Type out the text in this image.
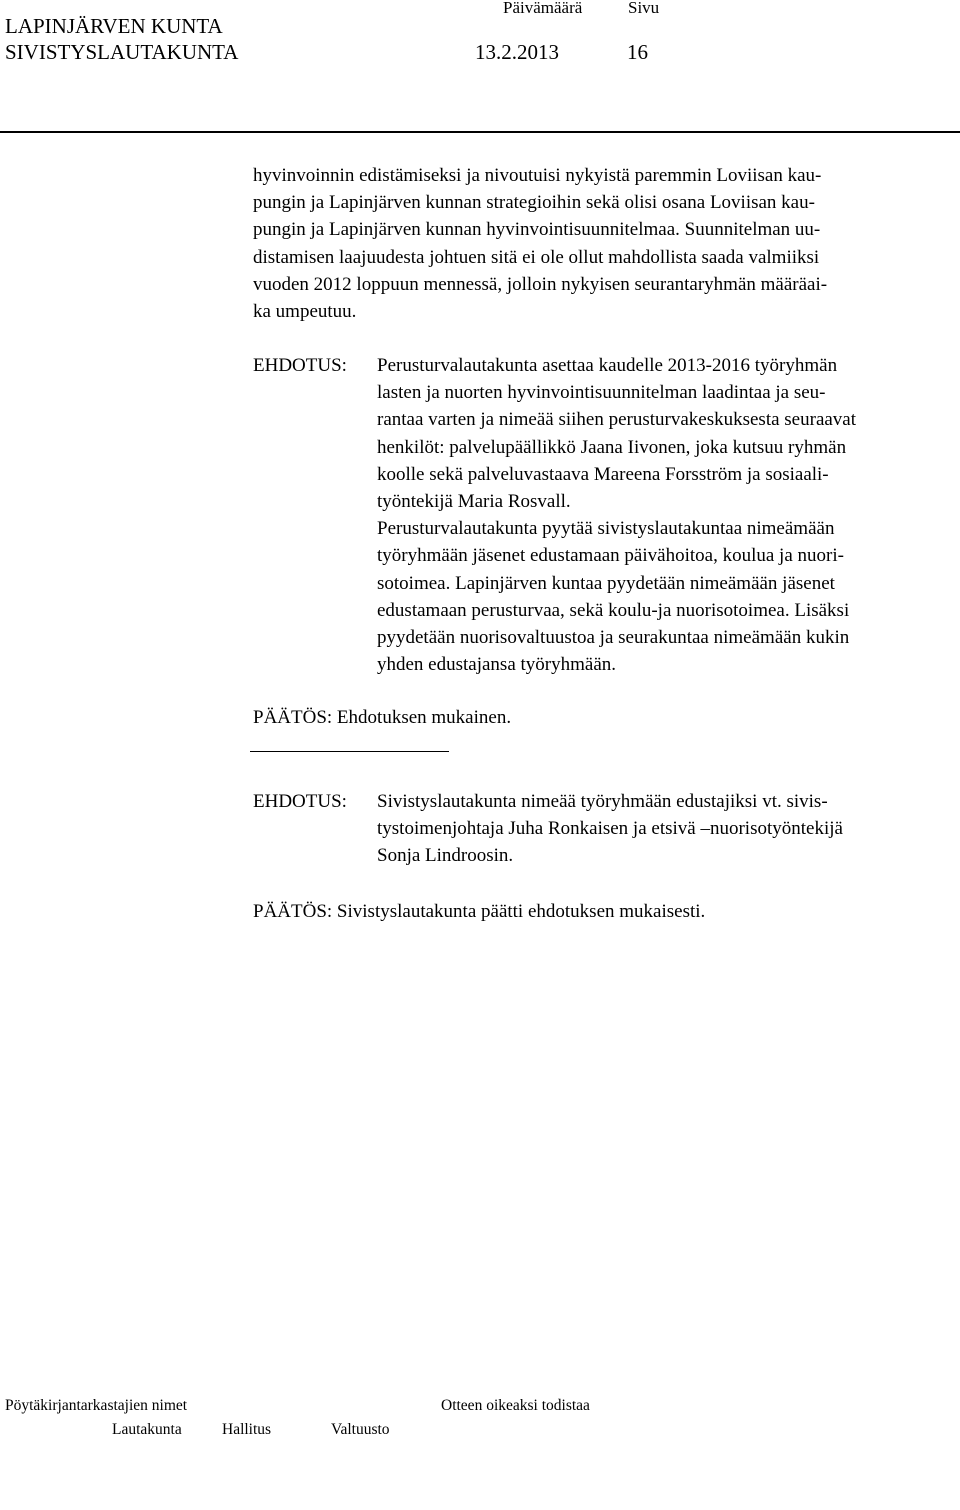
LAPINJÄRVEN KUNTA
SIVISTYSLAUTAKUNTA
Päivämäärä	Sivu
13.2.2013	16
hyvinvoinnin edistämiseksi ja nivoutuisi nykyistä paremmin Loviisan kau-
pungin ja Lapinjärven kunnan strategioihin sekä olisi osana Loviisan kau-
pungin ja Lapinjärven kunnan hyvinvointisuunnitelmaa. Suunnitelman uu-
distamisen laajuudesta johtuen sitä ei ole ollut mahdollista saada valmiiksi
vuoden 2012 loppuun mennessä, jolloin nykyisen seurantaryhmän määräai-
ka umpeutuu.
EHDOTUS: Perusturvalautakunta asettaa kaudelle 2013-2016 työryhmän
lasten ja nuorten hyvinvointisuunnitelman laadintaa ja seu-
rantaa varten ja nimeää siihen perusturvakeskuksesta seuraavat
henkilöt: palvelupäällikkö Jaana Iivonen, joka kutsuu ryhmän
koolle sekä palveluvastaava Mareena Forsström ja sosiaali-
työntekijä Maria Rosvall.
Perusturvalautakunta pyytää sivistyslautakuntaa nimeämään
työryhmään jäsenet edustamaan päivähoitoa, koulua ja nuori-
sotoimea. Lapinjärven kuntaa pyydetään nimeämään jäsenet
edustamaan perusturvaa, sekä koulu-ja nuorisotoimea. Lisäksi
pyydetään nuorisovaltuustoa ja seurakuntaa nimeämään kukin
yhden edustajansa työryhmään.
PÄÄTÖS: Ehdotuksen mukainen.
EHDOTUS: Sivistyslautakunta nimeää työryhmään edustajiksi vt. sivis-
tystoimenjohtaja Juha Ronkaisen ja etsivä –nuorisotyöntekijä
Sonja Lindroosin.
PÄÄTÖS: Sivistyslautakunta päätti ehdotuksen mukaisesti.
Pöytäkirjantarkastajien nimet	Otteen oikeaksi todistaa
Lautakunta	Hallitus	Valtuusto
